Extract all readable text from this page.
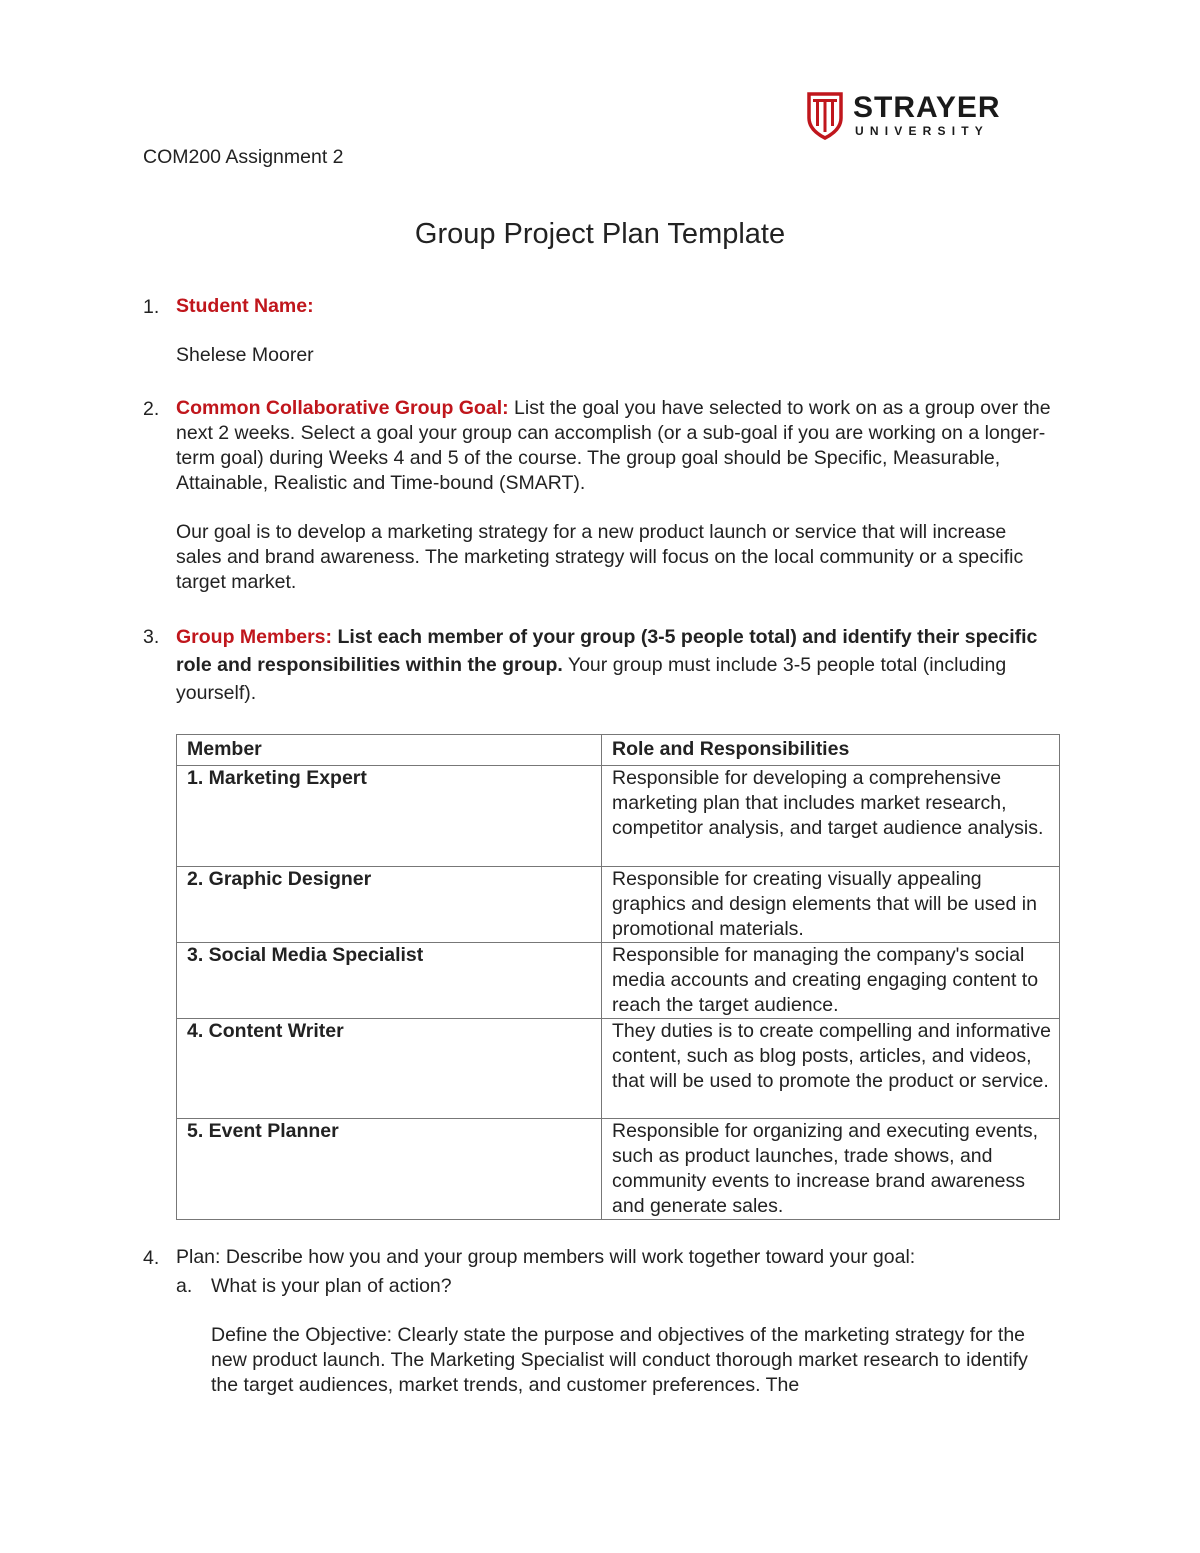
STRAYER
UNIVERSITY
COM200 Assignment 2
Group Project Plan Template
1. Student Name:
Shelese Moorer
2. Common Collaborative Group Goal: List the goal you have selected to work on as a group over the next 2 weeks. Select a goal your group can accomplish (or a sub-goal if you are working on a longer-term goal) during Weeks 4 and 5 of the course. The group goal should be Specific, Measurable, Attainable, Realistic and Time-bound (SMART).
Our goal is to develop a marketing strategy for a new product launch or service that will increase sales and brand awareness. The marketing strategy will focus on the local community or a specific target market.
3. Group Members: List each member of your group (3-5 people total) and identify their specific role and responsibilities within the group. Your group must include 3-5 people total (including yourself).
Member	Role and Responsibilities
1. Marketing Expert	Responsible for developing a comprehensive marketing plan that includes market research, competitor analysis, and target audience analysis.
2. Graphic Designer	Responsible for creating visually appealing graphics and design elements that will be used in promotional materials.
3. Social Media Specialist	Responsible for managing the company's social media accounts and creating engaging content to reach the target audience.
4. Content Writer	They duties is to create compelling and informative content, such as blog posts, articles, and videos, that will be used to promote the product or service.
5. Event Planner	Responsible for organizing and executing events, such as product launches, trade shows, and community events to increase brand awareness and generate sales.
4. Plan: Describe how you and your group members will work together toward your goal:
a. What is your plan of action?
Define the Objective: Clearly state the purpose and objectives of the marketing strategy for the new product launch. The Marketing Specialist will conduct thorough market research to identify the target audiences, market trends, and customer preferences. The
